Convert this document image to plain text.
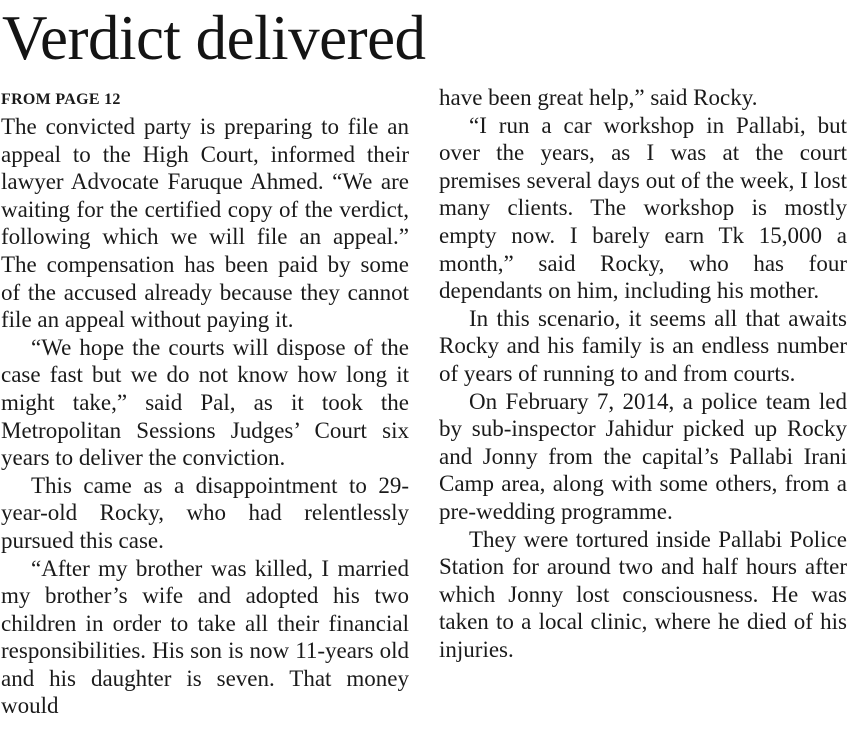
Verdict delivered
FROM PAGE 12

The convicted party is preparing to file an appeal to the High Court, informed their lawyer Advocate Faruque Ahmed. “We are waiting for the certified copy of the verdict, following which we will file an appeal.” The compensation has been paid by some of the accused already because they cannot file an appeal without paying it.

“We hope the courts will dispose of the case fast but we do not know how long it might take,” said Pal, as it took the Metropolitan Sessions Judges’ Court six years to deliver the conviction.

This came as a disappointment to 29-year-old Rocky, who had relentlessly pursued this case.

“After my brother was killed, I married my brother’s wife and adopted his two children in order to take all their financial responsibilities. His son is now 11-years old and his daughter is seven. That money would

have been great help,” said Rocky.

“I run a car workshop in Pallabi, but over the years, as I was at the court premises several days out of the week, I lost many clients. The workshop is mostly empty now. I barely earn Tk 15,000 a month,” said Rocky, who has four dependants on him, including his mother.

In this scenario, it seems all that awaits Rocky and his family is an endless number of years of running to and from courts.

On February 7, 2014, a police team led by sub-inspector Jahidur picked up Rocky and Jonny from the capital’s Pallabi Irani Camp area, along with some others, from a pre-wedding programme.

They were tortured inside Pallabi Police Station for around two and half hours after which Jonny lost consciousness. He was taken to a local clinic, where he died of his injuries.
